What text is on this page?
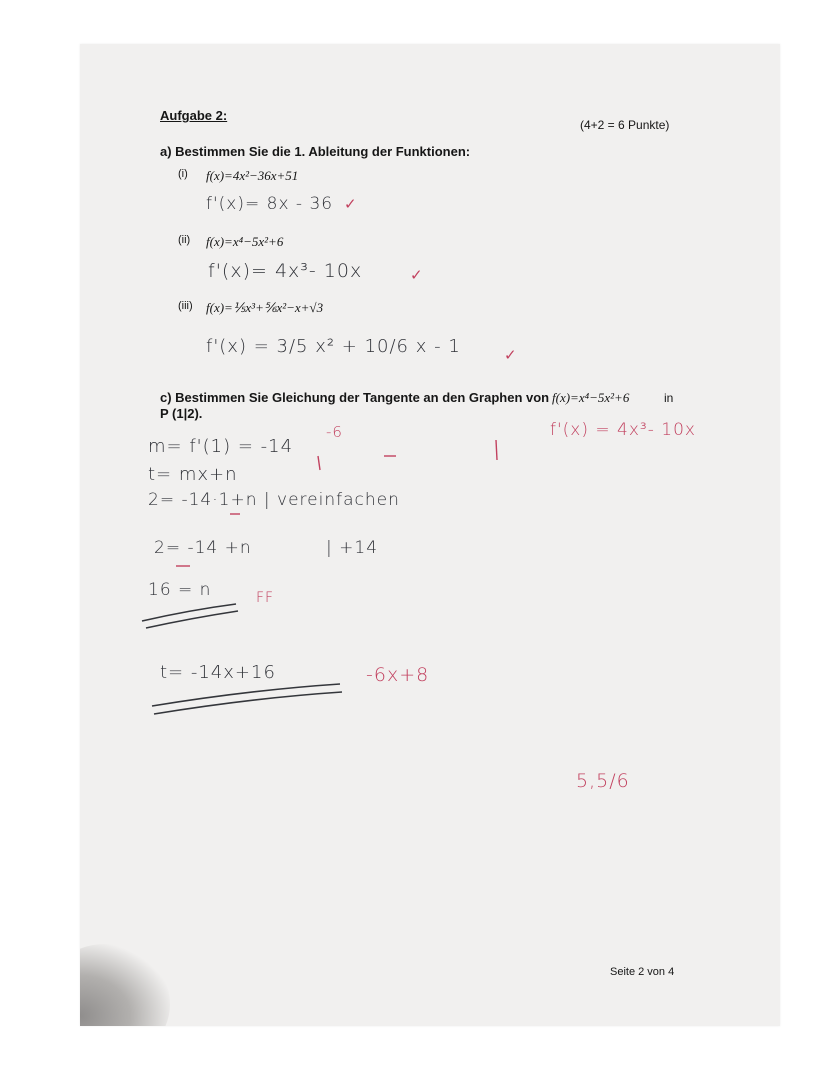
Aufgabe 2:
(4+2 = 6 Punkte)
a) Bestimmen Sie die 1. Ableitung der Funktionen:
(i) f(x)=4x²−36x+51
(ii) f(x)=x⁴−5x²+6
(iii) f(x)=⅕x³+⅚x²−x+√3
c) Bestimmen Sie Gleichung der Tangente an den Graphen von f(x)=x⁴−5x²+6	in
P (1|2).
f'(x)= 8x - 36 ✓
f'(x)= 4x³- 10x	✓
f'(x) = 3/5 x² + 10/6 x - 1	✓
f'(x) = 4x³- 10x
-6
m= f'(1) = -14
t= mx+n
2= -14·1+n | vereinfachen
2= -14 +n	| +14
16 = n	FF
t= -14x+16	-6x+8
5,5/6
Seite 2 von 4
